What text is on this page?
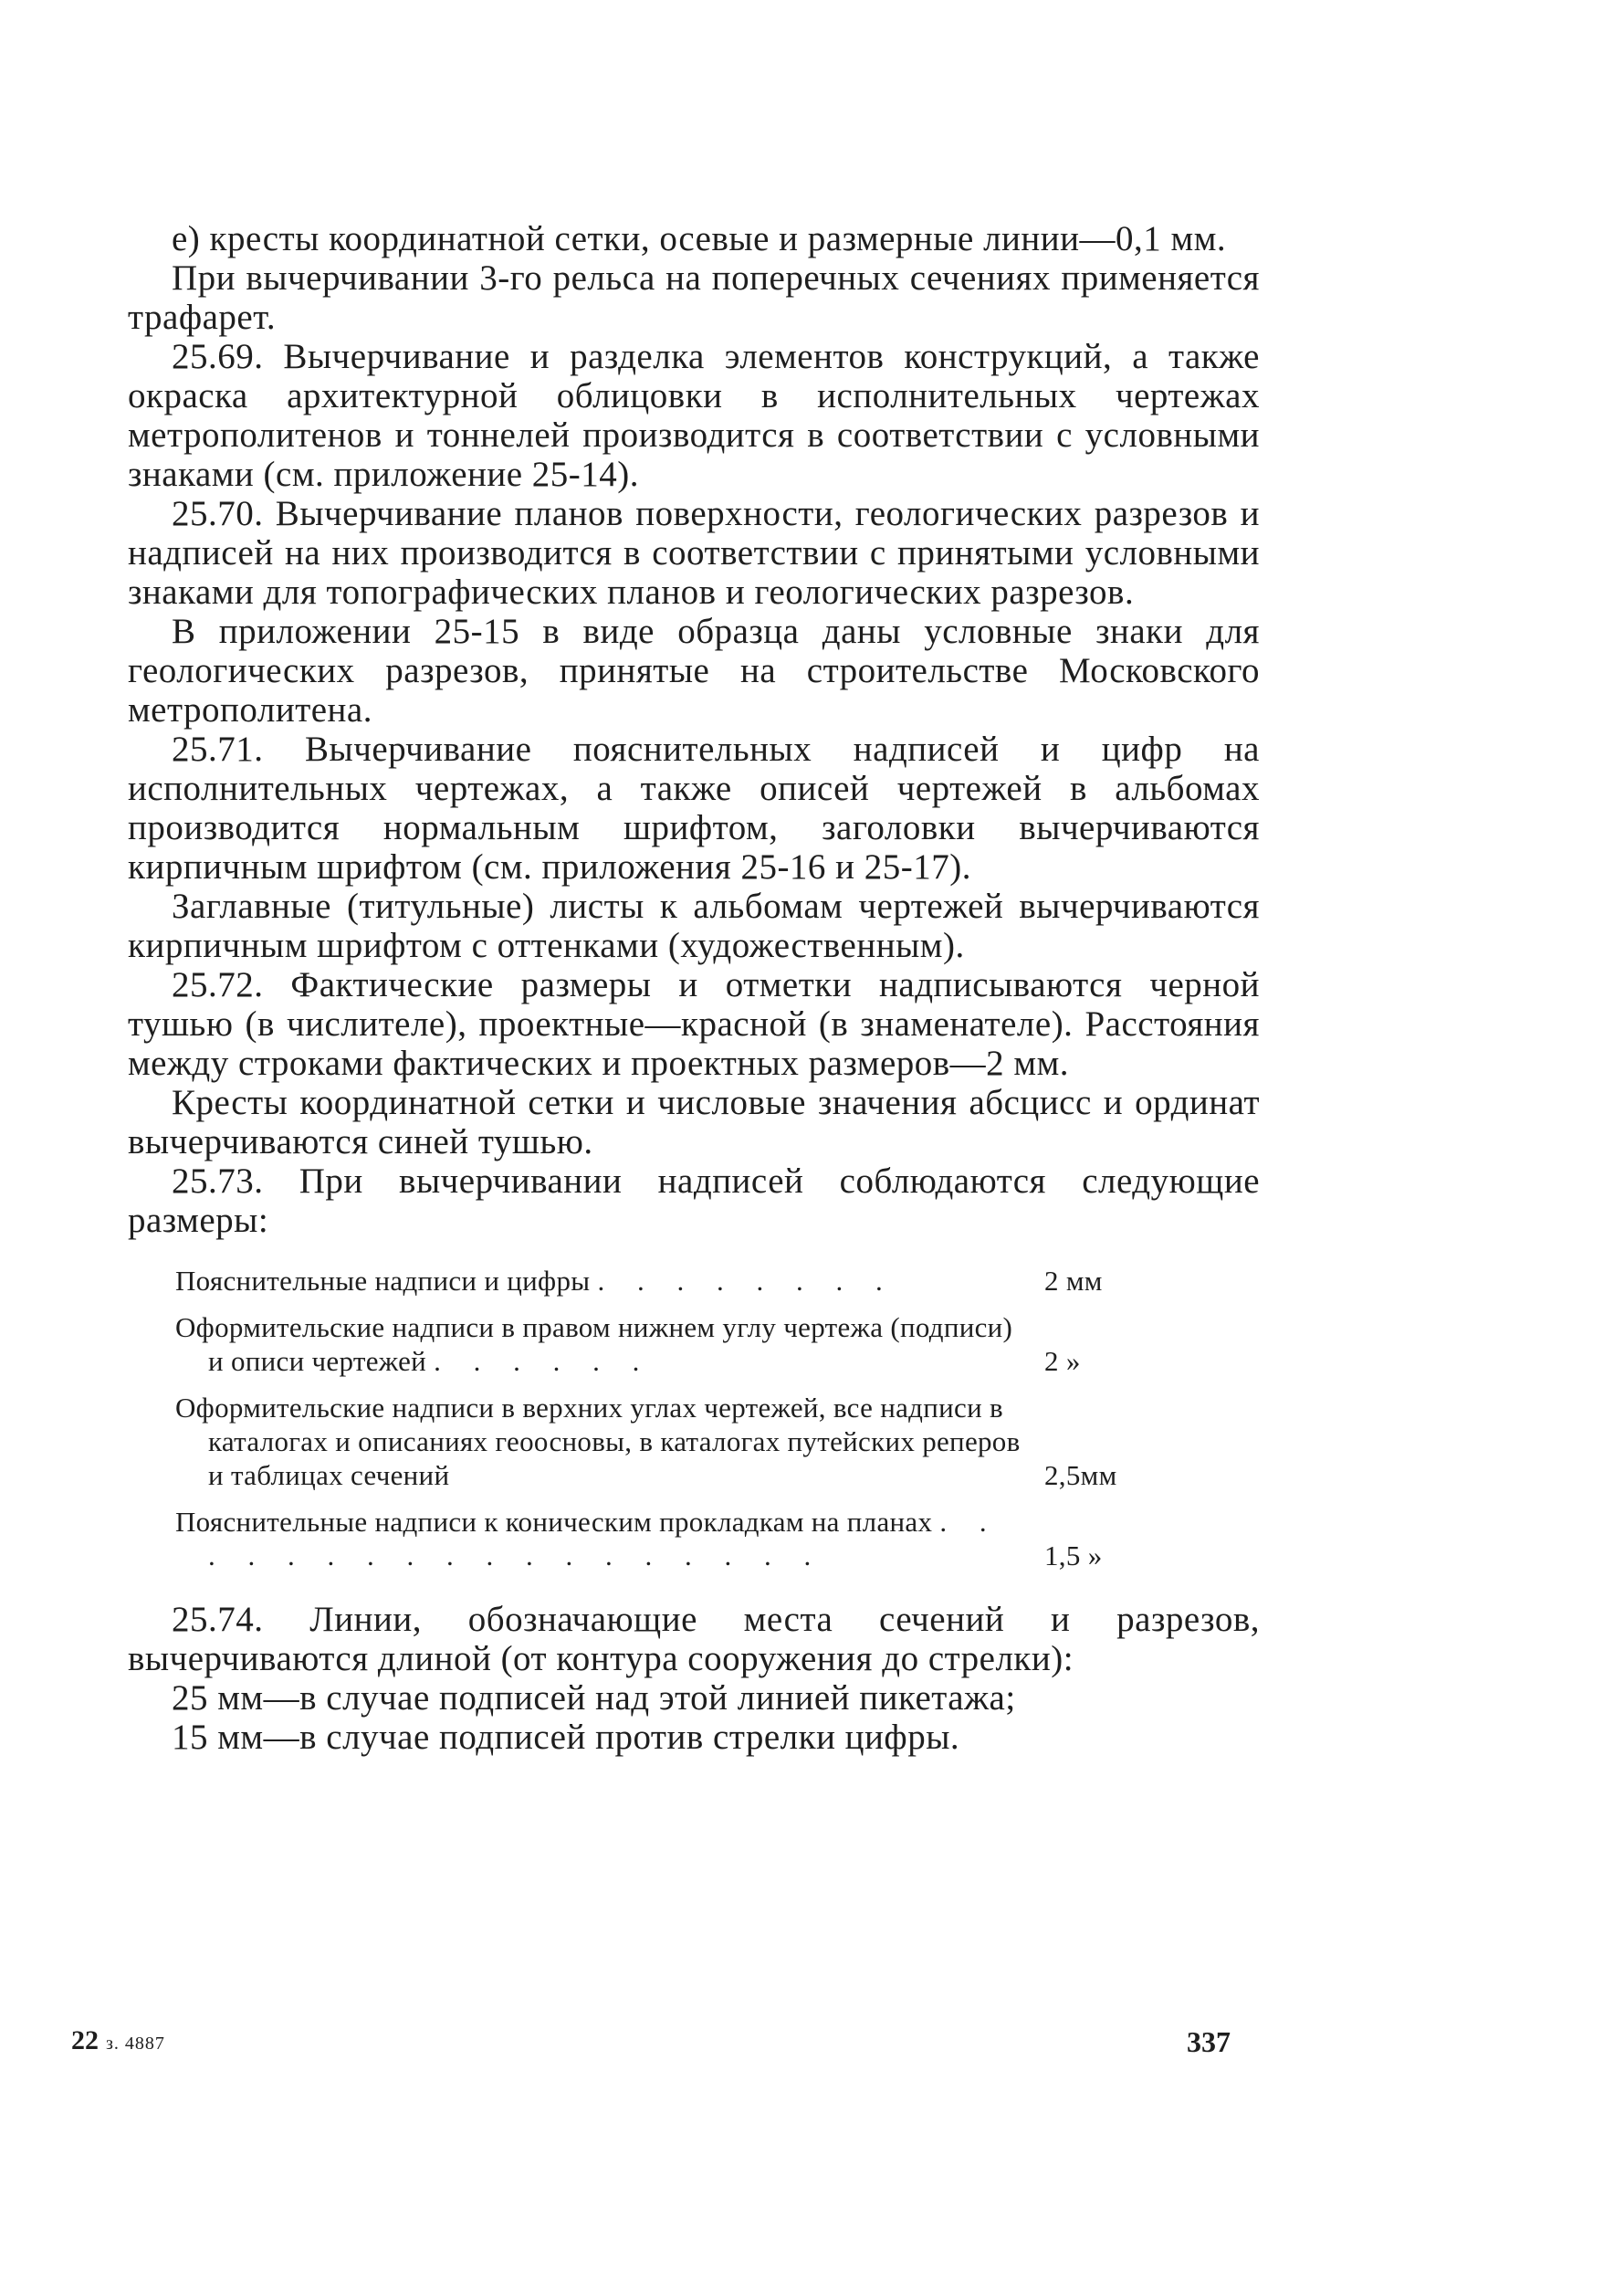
е) кресты координатной сетки, осевые и размерные линии—0,1 мм.

При вычерчивании 3-го рельса на поперечных сечениях применяется трафарет.

25.69. Вычерчивание и разделка элементов конструкций, а также окраска архитектурной облицовки в исполнительных чертежах метрополитенов и тоннелей производится в соответствии с условными знаками (см. приложение 25-14).

25.70. Вычерчивание планов поверхности, геологических разрезов и надписей на них производится в соответствии с принятыми условными знаками для топографических планов и геологических разрезов.

В приложении 25-15 в виде образца даны условные знаки для геологических разрезов, принятые на строительстве Московского метрополитена.

25.71. Вычерчивание пояснительных надписей и цифр на исполнительных чертежах, а также описей чертежей в альбомах производится нормальным шрифтом, заголовки вычерчиваются кирпичным шрифтом (см. приложения 25-16 и 25-17).

Заглавные (титульные) листы к альбомам чертежей вычерчиваются кирпичным шрифтом с оттенками (художественным).

25.72. Фактические размеры и отметки надписываются черной тушью (в числителе), проектные—красной (в знаменателе). Расстояния между строками фактических и проектных размеров—2 мм.

Кресты координатной сетки и числовые значения абсцисс и ординат вычерчиваются синей тушью.

25.73. При вычерчивании надписей соблюдаются следующие размеры:

Пояснительные надписи и цифры . . . . . . . .	2 мм
Оформительские надписи в правом нижнем углу чертежа (подписи) и описи чертежей . . . . . .	2 »
Оформительские надписи в верхних углах чертежей, все надписи в каталогах и описаниях геоосновы, в каталогах путейских реперов и таблицах сечений	2,5мм
Пояснительные надписи к коническим прокладкам на планах . . . . . . . . . . . . . . . . . .	1,5 »

25.74. Линии, обозначающие места сечений и разрезов, вычерчиваются длиной (от контура сооружения до стрелки):

25 мм—в случае подписей над этой линией пикетажа;

15 мм—в случае подписей против стрелки цифры.

22 з. 4887	337
